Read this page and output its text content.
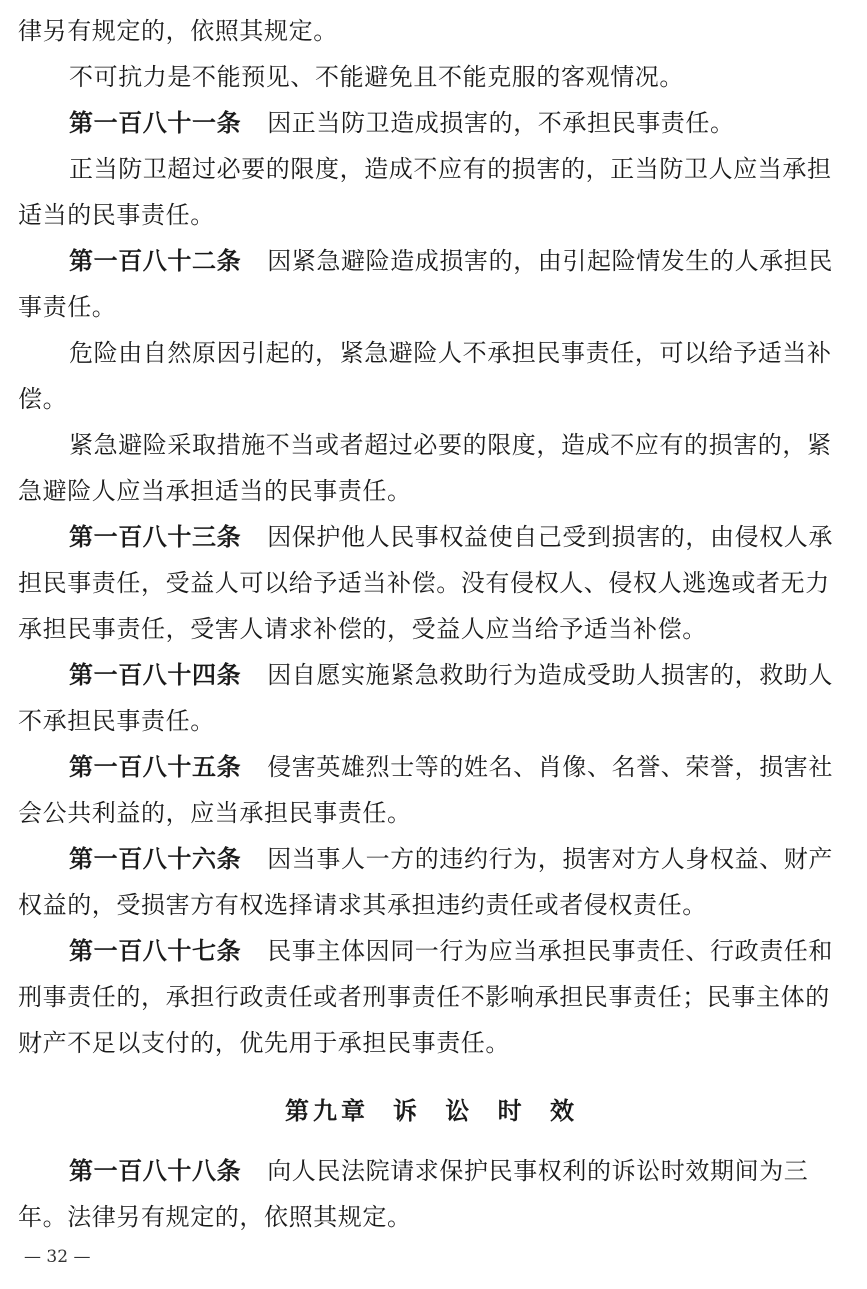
律另有规定的，依照其规定。
不可抗力是不能预见、不能避免且不能克服的客观情况。
第一百八十一条 因正当防卫造成损害的，不承担民事责任。
正当防卫超过必要的限度，造成不应有的损害的，正当防卫人应当承担
适当的民事责任。
第一百八十二条 因紧急避险造成损害的，由引起险情发生的人承担民
事责任。
危险由自然原因引起的，紧急避险人不承担民事责任，可以给予适当补
偿。
紧急避险采取措施不当或者超过必要的限度，造成不应有的损害的，紧
急避险人应当承担适当的民事责任。
第一百八十三条 因保护他人民事权益使自己受到损害的，由侵权人承
担民事责任，受益人可以给予适当补偿。没有侵权人、侵权人逃逸或者无力
承担民事责任，受害人请求补偿的，受益人应当给予适当补偿。
第一百八十四条 因自愿实施紧急救助行为造成受助人损害的，救助人
不承担民事责任。
第一百八十五条 侵害英雄烈士等的姓名、肖像、名誉、荣誉，损害社
会公共利益的，应当承担民事责任。
第一百八十六条 因当事人一方的违约行为，损害对方人身权益、财产
权益的，受损害方有权选择请求其承担违约责任或者侵权责任。
第一百八十七条 民事主体因同一行为应当承担民事责任、行政责任和
刑事责任的，承担行政责任或者刑事责任不影响承担民事责任；民事主体的
财产不足以支付的，优先用于承担民事责任。
第九章 诉 讼 时 效
第一百八十八条 向人民法院请求保护民事权利的诉讼时效期间为三
年。法律另有规定的，依照其规定。
— 32 —
